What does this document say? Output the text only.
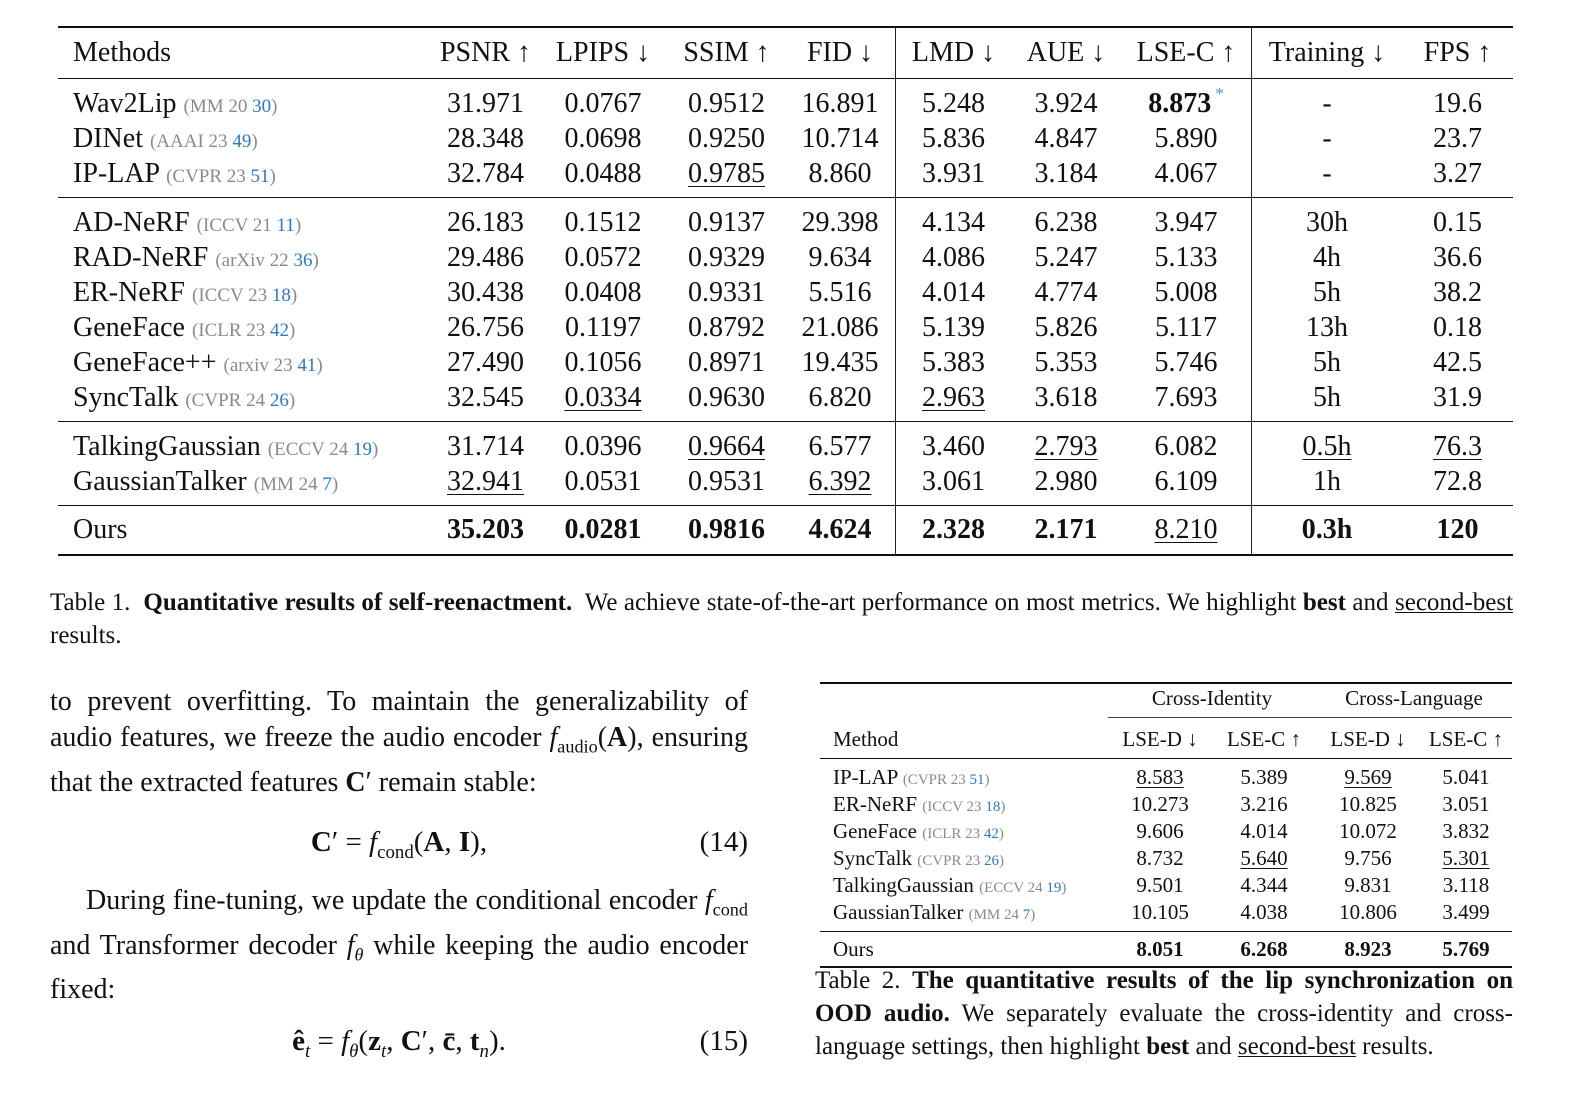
Methods	PSNR ↑	LPIPS ↓	SSIM ↑	FID ↓	LMD ↓	AUE ↓	LSE-C ↑	Training ↓	FPS ↑
Wav2Lip (MM 20 30)	31.971	0.0767	0.9512	16.891	5.248	3.924	8.873 *	-	19.6
DINet (AAAI 23 49)	28.348	0.0698	0.9250	10.714	5.836	4.847	5.890	-	23.7
IP-LAP (CVPR 23 51)	32.784	0.0488	0.9785	8.860	3.931	3.184	4.067	-	3.27
AD-NeRF (ICCV 21 11)	26.183	0.1512	0.9137	29.398	4.134	6.238	3.947	30h	0.15
RAD-NeRF (arXiv 22 36)	29.486	0.0572	0.9329	9.634	4.086	5.247	5.133	4h	36.6
ER-NeRF (ICCV 23 18)	30.438	0.0408	0.9331	5.516	4.014	4.774	5.008	5h	38.2
GeneFace (ICLR 23 42)	26.756	0.1197	0.8792	21.086	5.139	5.826	5.117	13h	0.18
GeneFace++ (arxiv 23 41)	27.490	0.1056	0.8971	19.435	5.383	5.353	5.746	5h	42.5
SyncTalk (CVPR 24 26)	32.545	0.0334	0.9630	6.820	2.963	3.618	7.693	5h	31.9
TalkingGaussian (ECCV 24 19)	31.714	0.0396	0.9664	6.577	3.460	2.793	6.082	0.5h	76.3
GaussianTalker (MM 24 7)	32.941	0.0531	0.9531	6.392	3.061	2.980	6.109	1h	72.8
Ours	35.203	0.0281	0.9816	4.624	2.328	2.171	8.210	0.3h	120
Table 1. Quantitative results of self-reenactment. We achieve state-of-the-art performance on most metrics. We highlight best and second-best results.
to prevent overfitting. To maintain the generalizability of audio features, we freeze the audio encoder $f_{audio}(A)$, ensuring that the extracted features C′ remain stable:
$C' = f_{cond}(A$, I),	(14)
During fine-tuning, we update the conditional encoder $f_{cond}$ and Transformer decoder $f_\theta$ while keeping the audio encoder fixed:
$ê_t = f_\theta(z_t$, C′, c̄, $t_n$).	(15)

	Cross-Identity		Cross-Language	

Method	LSE-D ↓	LSE-C ↑	LSE-D ↓	LSE-C ↑
IP-LAP (CVPR 23 51)	8.583	5.389	9.569	5.041
ER-NeRF (ICCV 23 18)	10.273	3.216	10.825	3.051
GeneFace (ICLR 23 42)	9.606	4.014	10.072	3.832
SyncTalk (CVPR 23 26)	8.732	5.640	9.756	5.301
TalkingGaussian (ECCV 24 19)	9.501	4.344	9.831	3.118
GaussianTalker (MM 24 7)	10.105	4.038	10.806	3.499
Ours	8.051	6.268	8.923	5.769
Table 2. The quantitative results of the lip synchronization on OOD audio. We separately evaluate the cross-identity and cross-language settings, then highlight best and second-best results.
